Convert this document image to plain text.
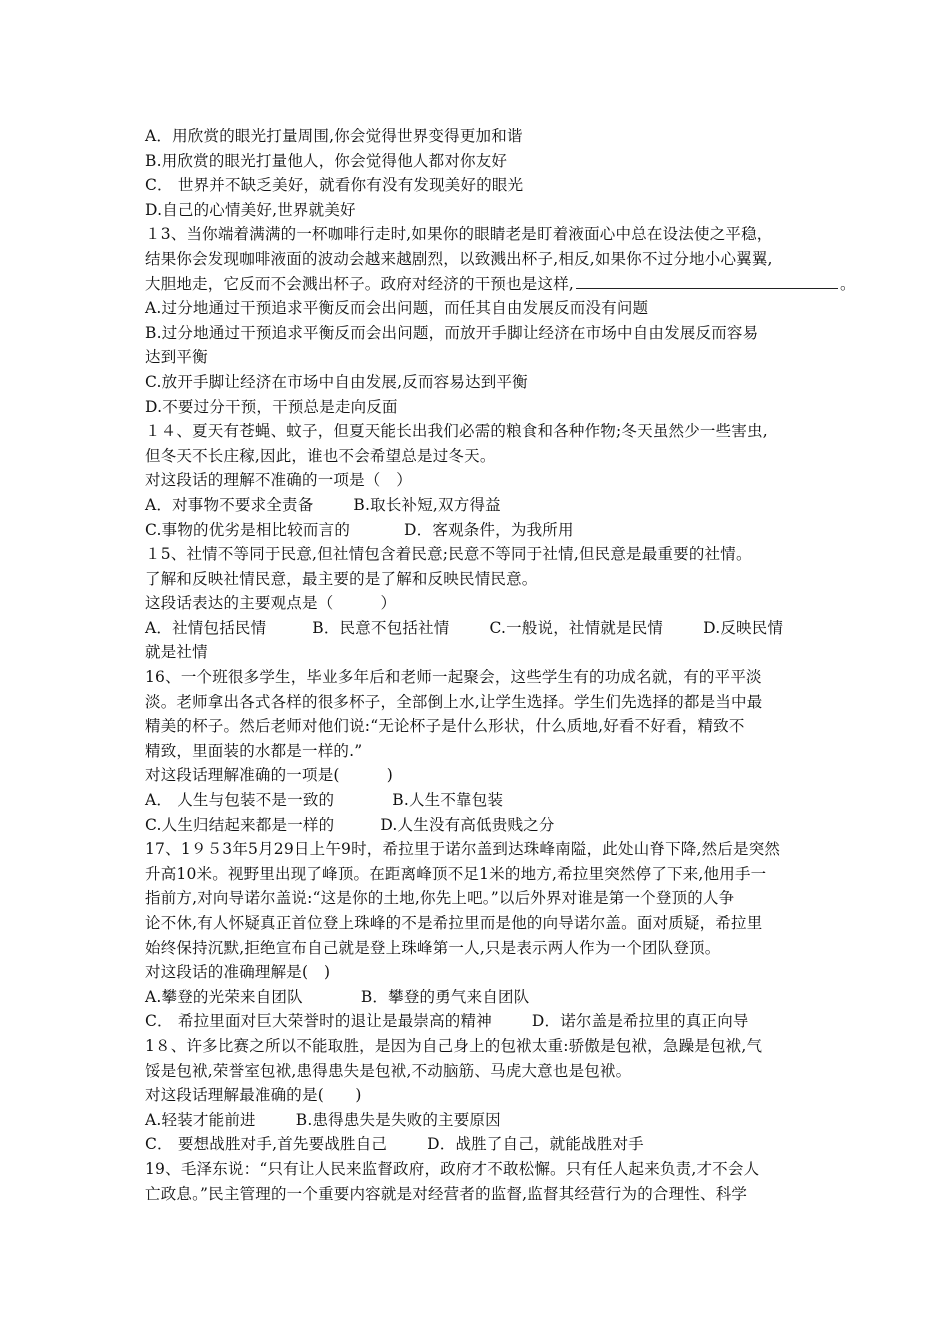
A．用欣赏的眼光打量周围,你会觉得世界变得更加和谐
B.用欣赏的眼光打量他人，你会觉得他人都对你友好
C． 世界并不缺乏美好，就看你有没有发现美好的眼光
D.自己的心情美好,世界就美好
１3、当你端着满满的一杯咖啡行走时,如果你的眼睛老是盯着液面心中总在设法使之平稳，
结果你会发现咖啡液面的波动会越来越剧烈，以致溅出杯子,相反,如果你不过分地小心翼翼,
大胆地走，它反而不会溅出杯子。政府对经济的干预也是这样,	。
A.过分地通过干预追求平衡反而会出问题，而任其自由发展反而没有问题
B.过分地通过干预追求平衡反而会出问题，而放开手脚让经济在市场中自由发展反而容易
达到平衡
C.放开手脚让经济在市场中自由发展,反而容易达到平衡
D.不要过分干预，干预总是走向反面
１４、夏天有苍蝇、蚊子，但夏天能长出我们必需的粮食和各种作物;冬天虽然少一些害虫,
但冬天不长庄稼,因此，谁也不会希望总是过冬天。
对这段话的理解不准确的一项是（　）
A．对事物不要求全责备	B.取长补短,双方得益
C.事物的优劣是相比较而言的	D．客观条件，为我所用
１5、社情不等同于民意,但社情包含着民意;民意不等同于社情,但民意是最重要的社情。
了解和反映社情民意，最主要的是了解和反映民情民意。
这段话表达的主要观点是（　　　）
A．社情包括民情	B．民意不包括社情	C.一般说，社情就是民情	D.反映民情
就是社情
16、一个班很多学生，毕业多年后和老师一起聚会，这些学生有的功成名就，有的平平淡
淡。老师拿出各式各样的很多杯子，全部倒上水,让学生选择。学生们先选择的都是当中最
精美的杯子。然后老师对他们说:“无论杯子是什么形状，什么质地,好看不好看，精致不
精致，里面装的水都是一样的.”
对这段话理解准确的一项是(　　　)
A． 人生与包装不是一致的	B.人生不靠包装
C.人生归结起来都是一样的	D.人生没有高低贵贱之分
17、1９５3年5月29日上午9时，希拉里于诺尔盖到达珠峰南隘，此处山脊下降,然后是突然
升高10米。视野里出现了峰顶。在距离峰顶不足1米的地方,希拉里突然停了下来,他用手一
指前方,对向导诺尔盖说:“这是你的土地,你先上吧。”以后外界对谁是第一个登顶的人争
论不休,有人怀疑真正首位登上珠峰的不是希拉里而是他的向导诺尔盖。面对质疑，希拉里
始终保持沉默,拒绝宣布自己就是登上珠峰第一人,只是表示两人作为一个团队登顶。
对这段话的准确理解是(　)
A.攀登的光荣来自团队	B．攀登的勇气来自团队
C． 希拉里面对巨大荣誉时的退让是最崇高的精神	D．诺尔盖是希拉里的真正向导
1８、许多比赛之所以不能取胜，是因为自己身上的包袱太重:骄傲是包袱，急躁是包袱,气
馁是包袱,荣誉室包袱,患得患失是包袱,不动脑筋、马虎大意也是包袱。
对这段话理解最准确的是(　　)
A.轻装才能前进	B.患得患失是失败的主要原因
C． 要想战胜对手,首先要战胜自己	D．战胜了自己，就能战胜对手
19、毛泽东说：“只有让人民来监督政府，政府才不敢松懈。只有任人起来负责,才不会人
亡政息。”民主管理的一个重要内容就是对经营者的监督,监督其经营行为的合理性、科学
